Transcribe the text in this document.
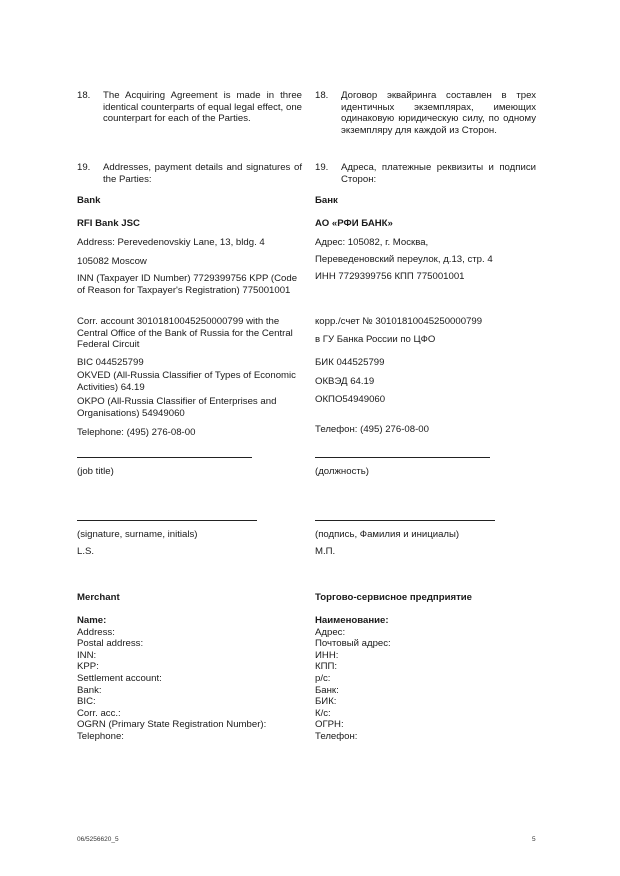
18. The Acquiring Agreement is made in three identical counterparts of equal legal effect, one counterpart for each of the Parties.
18. Договор эквайринга составлен в трех идентичных экземплярах, имеющих одинаковую юридическую силу, по одному экземпляру для каждой из Сторон.
19. Addresses, payment details and signatures of the Parties:
19. Адреса, платежные реквизиты и подписи Сторон:
Bank
RFI Bank JSC
Address: Perevedenovskiy Lane, 13, bldg. 4
105082 Moscow
INN (Taxpayer ID Number) 7729399756 KPP (Code of Reason for Taxpayer's Registration) 775001001
Corr. account 30101810045250000799 with the Central Office of the Bank of Russia for the Central Federal Circuit
BIC 044525799
OKVED (All-Russia Classifier of Types of Economic Activities) 64.19
OKPO (All-Russia Classifier of Enterprises and Organisations) 54949060
Telephone: (495) 276-08-00
(job title)
(signature, surname, initials)
L.S.
Банк
АО «РФИ БАНК»
Адрес: 105082, г. Москва,
Переведеновский переулок, д.13, стр. 4
ИНН 7729399756 КПП 775001001
корр./счет № 30101810045250000799
в ГУ Банка России по ЦФО
БИК 044525799
ОКВЭД 64.19
ОКПО54949060
Телефон: (495) 276-08-00
(должность)
(подпись, Фамилия и инициалы)
М.П.
Merchant	Торгово-сервисное предприятие
Name:
Address:
Postal address:
INN:
KPP:
Settlement account:
Bank:
BIC:
Corr. acc.:
OGRN (Primary State Registration Number):
Telephone:
Наименование:
Адрес:
Почтовый адрес:
ИНН:
КПП:
р/с:
Банк:
БИК:
К/с:
ОГРН:
Телефон:
06/5256620_5	5
